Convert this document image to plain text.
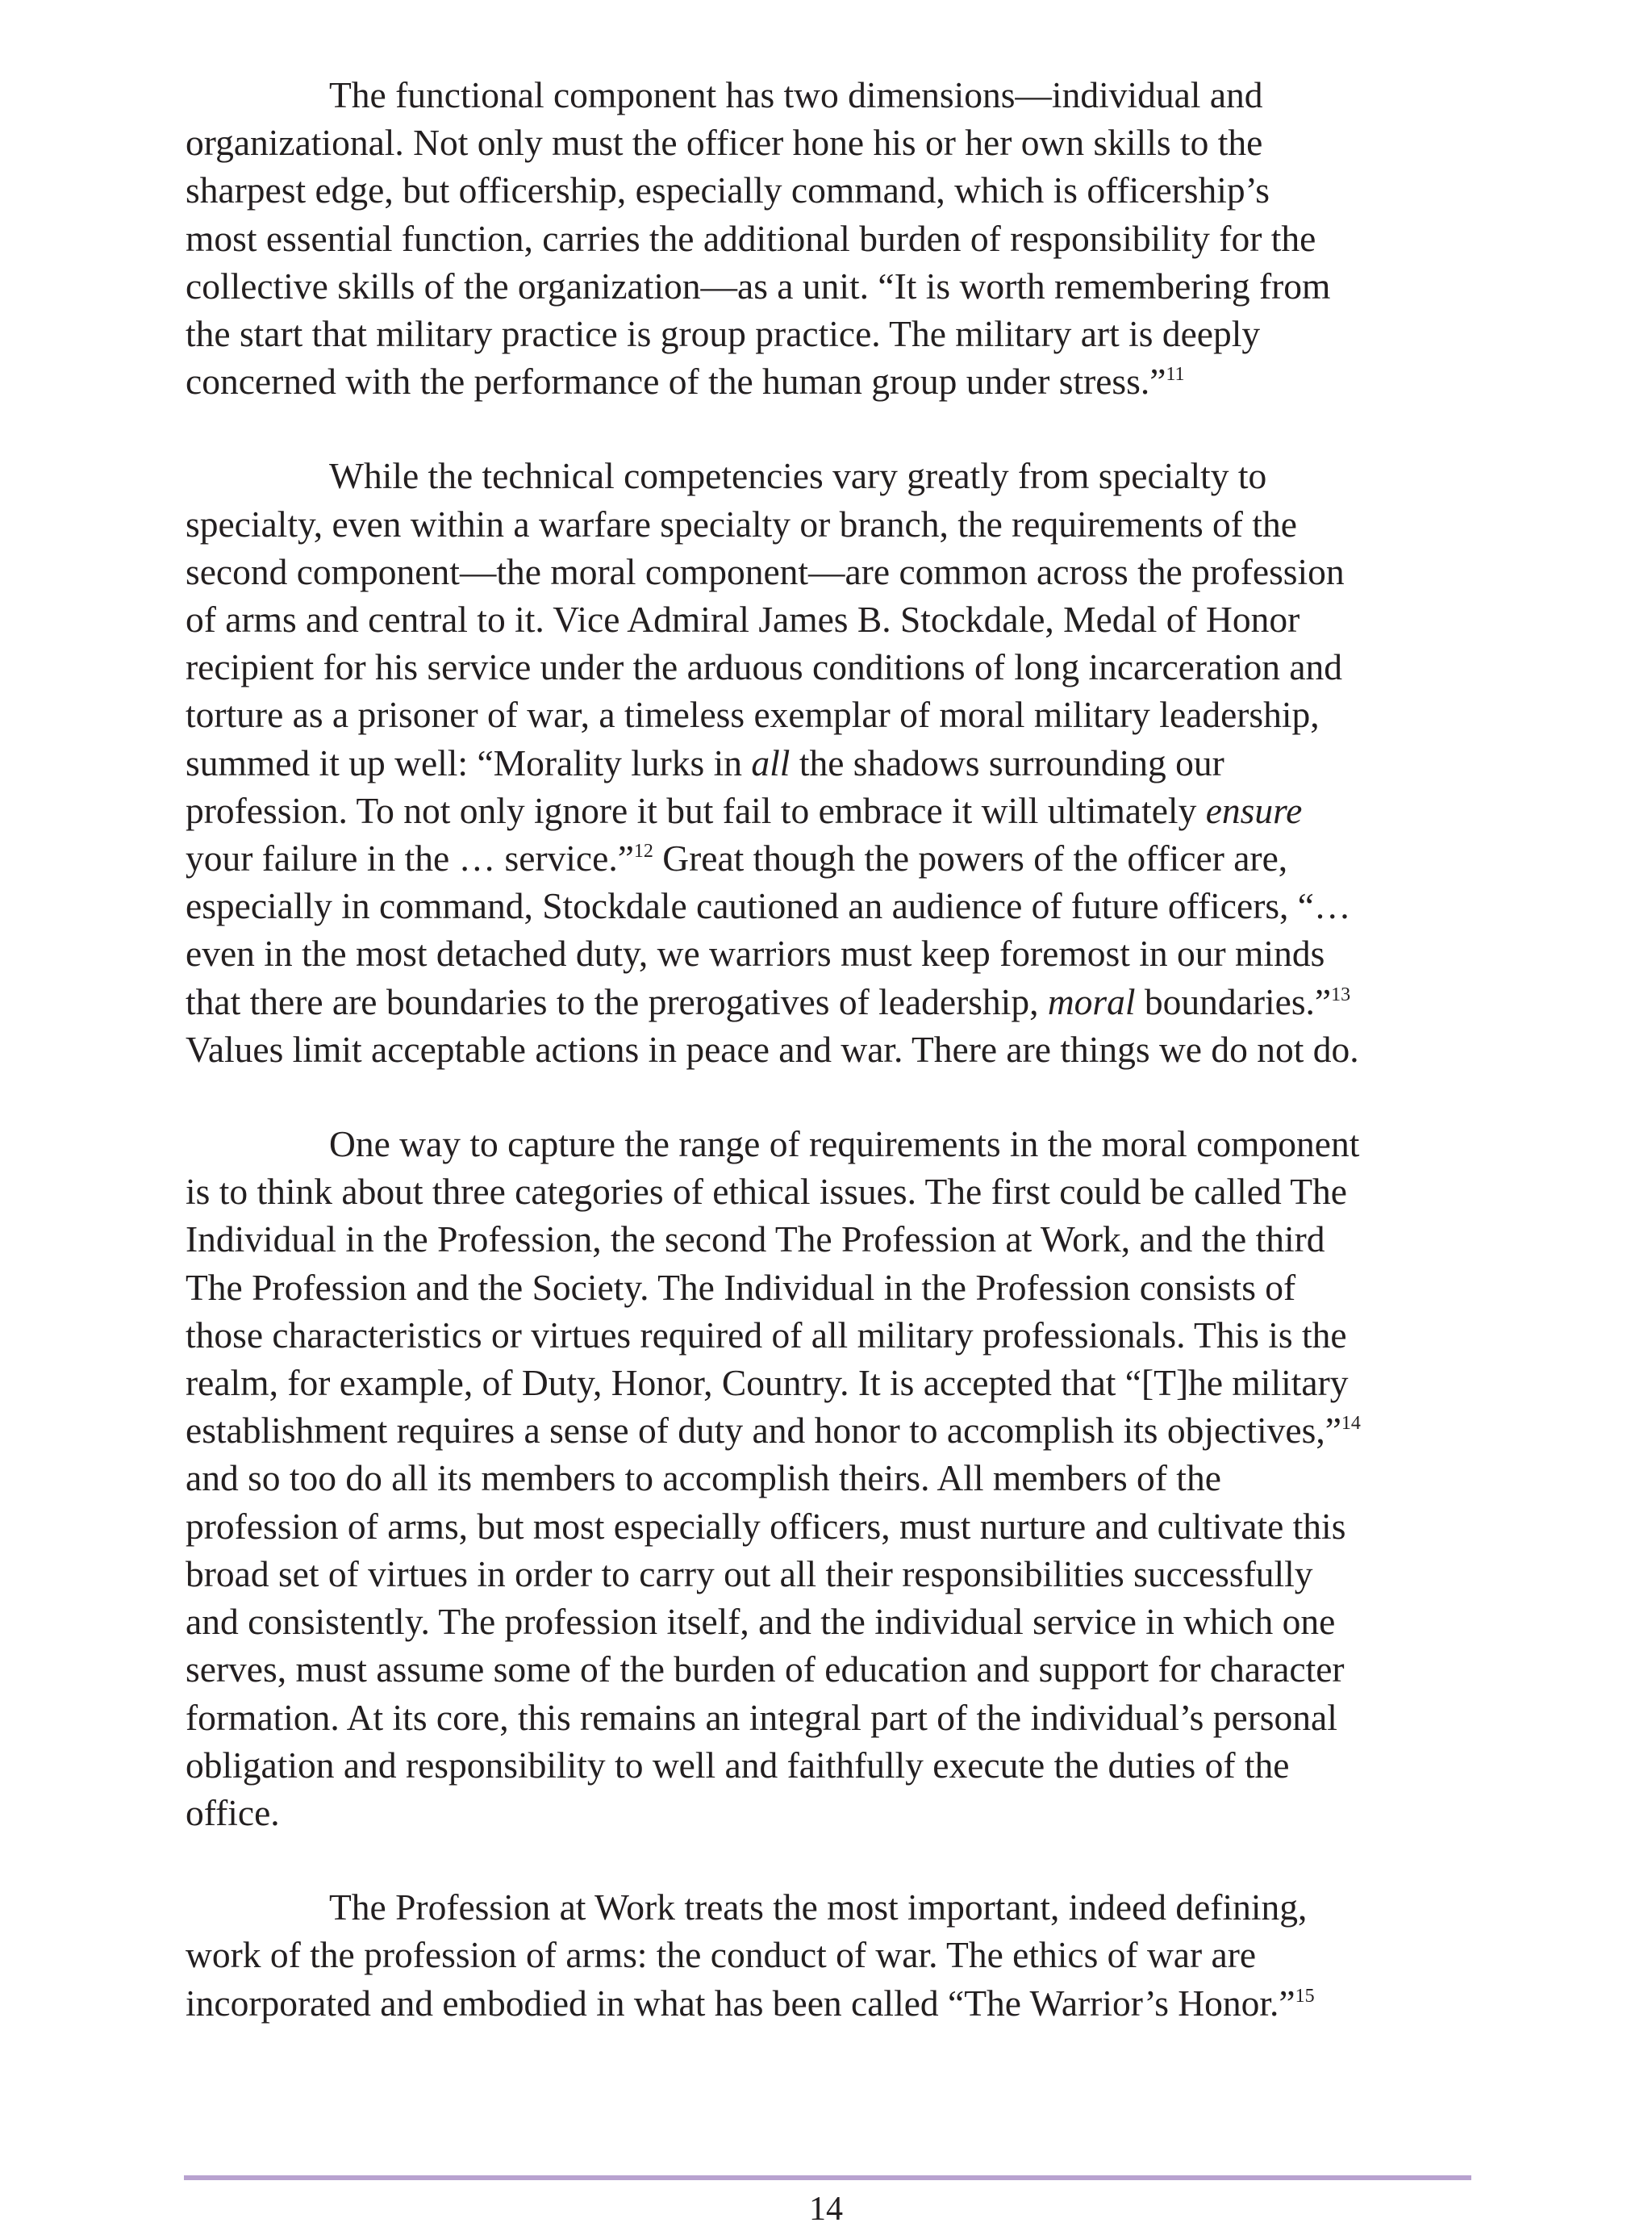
The functional component has two dimensions—individual and
organizational. Not only must the officer hone his or her own skills to the
sharpest edge, but officership, especially command, which is officership’s
most essential function, carries the additional burden of responsibility for the
collective skills of the organization—as a unit. “It is worth remembering from
the start that military practice is group practice. The military art is deeply
concerned with the performance of the human group under stress.”$^{11}$

While the technical competencies vary greatly from specialty to
specialty, even within a warfare specialty or branch, the requirements of the
second component—the moral component—are common across the profession
of arms and central to it. Vice Admiral James B. Stockdale, Medal of Honor
recipient for his service under the arduous conditions of long incarceration and
torture as a prisoner of war, a timeless exemplar of moral military leadership,
summed it up well: “Morality lurks in all the shadows surrounding our
profession. To not only ignore it but fail to embrace it will ultimately ensure
your failure in the … service.”$^{12}$ Great though the powers of the officer are,
especially in command, Stockdale cautioned an audience of future officers, “…
even in the most detached duty, we warriors must keep foremost in our minds
that there are boundaries to the prerogatives of leadership, moral boundaries.”$^{13}$
Values limit acceptable actions in peace and war. There are things we do not do.

One way to capture the range of requirements in the moral component
is to think about three categories of ethical issues. The first could be called The
Individual in the Profession, the second The Profession at Work, and the third
The Profession and the Society. The Individual in the Profession consists of
those characteristics or virtues required of all military professionals. This is the
realm, for example, of Duty, Honor, Country. It is accepted that “[T]he military
establishment requires a sense of duty and honor to accomplish its objectives,”$^{14}$
and so too do all its members to accomplish theirs. All members of the
profession of arms, but most especially officers, must nurture and cultivate this
broad set of virtues in order to carry out all their responsibilities successfully
and consistently. The profession itself, and the individual service in which one
serves, must assume some of the burden of education and support for character
formation. At its core, this remains an integral part of the individual’s personal
obligation and responsibility to well and faithfully execute the duties of the
office.

The Profession at Work treats the most important, indeed defining,
work of the profession of arms: the conduct of war. The ethics of war are
incorporated and embodied in what has been called “The Warrior’s Honor.”$^{15}$

14
